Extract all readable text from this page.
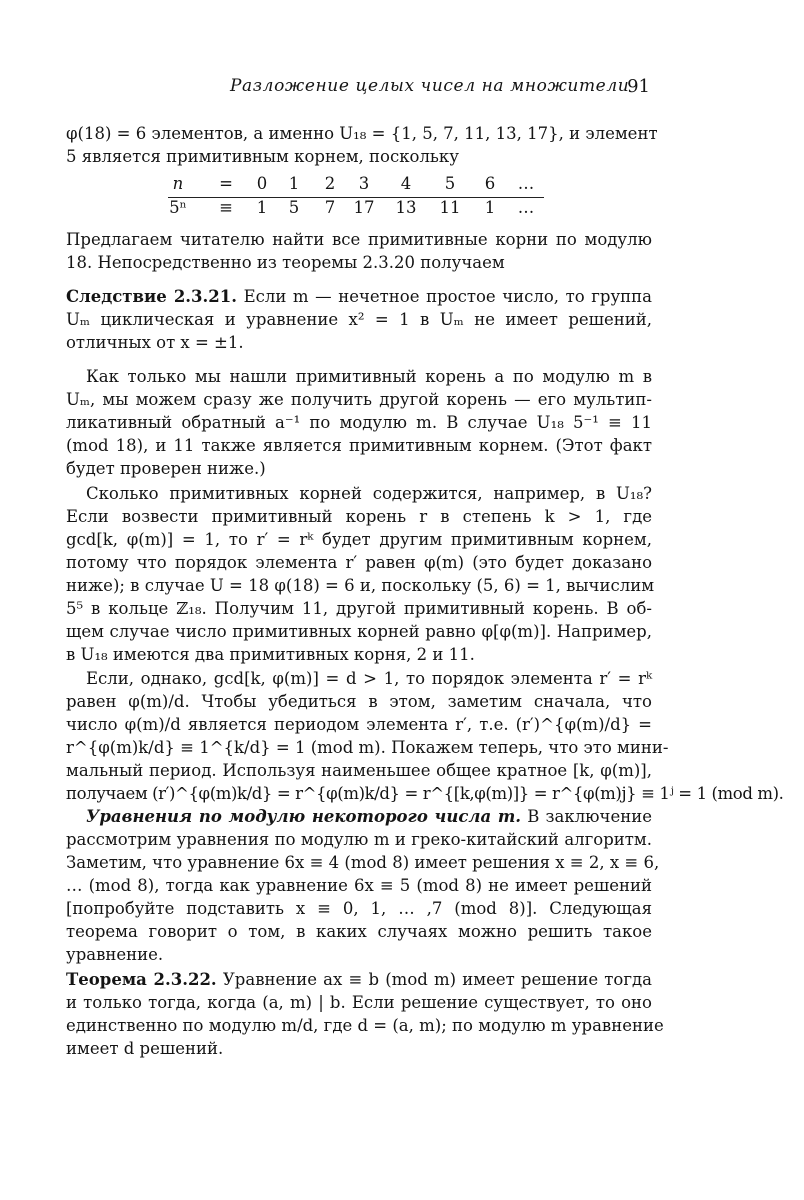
Разложение целых чисел на множители
91
φ(18) = 6 элементов, а именно U₁₈ = {1, 5, 7, 11, 13, 17}, и элемент
5 является примитивным корнем, поскольку
n	=	0	1	2	3	4	5	6	…
5ⁿ	≡	1	5	7	17	13	11	1	…
Предлагаем читателю найти все примитивные корни по модулю
18. Непосредственно из теоремы 2.3.20 получаем
Следствие 2.3.21. Если m — нечетное простое число, то группа
Uₘ циклическая и уравнение x² = 1 в Uₘ не имеет решений,
отличных от x = ±1.
Как только мы нашли примитивный корень a по модулю m в
Uₘ, мы можем сразу же получить другой корень — его мультип-
ликативный обратный a⁻¹ по модулю m. В случае U₁₈ 5⁻¹ ≡ 11
(mod 18), и 11 также является примитивным корнем. (Этот факт
будет проверен ниже.)
Сколько примитивных корней содержится, например, в U₁₈?
Если возвести примитивный корень r в степень k > 1, где
gcd[k, φ(m)] = 1, то r′ = rᵏ будет другим примитивным корнем,
потому что порядок элемента r′ равен φ(m) (это будет доказано
ниже); в случае U = 18 φ(18) = 6 и, поскольку (5, 6) = 1, вычислим
5⁵ в кольце ℤ₁₈. Получим 11, другой примитивный корень. В об-
щем случае число примитивных корней равно φ[φ(m)]. Например,
в U₁₈ имеются два примитивных корня, 2 и 11.
Если, однако, gcd[k, φ(m)] = d > 1, то порядок элемента r′ = rᵏ
равен φ(m)/d. Чтобы убедиться в этом, заметим сначала, что
число φ(m)/d является периодом элемента r′, т.е. (r′)^{φ(m)/d} =
r^{φ(m)k/d} ≡ 1^{k/d} = 1 (mod m). Покажем теперь, что это мини-
мальный период. Используя наименьшее общее кратное [k, φ(m)],
получаем (r′)^{φ(m)k/d} = r^{φ(m)k/d} = r^{[k,φ(m)]} = r^{φ(m)j} ≡ 1ʲ = 1 (mod m).
Уравнения по модулю некоторого числа m. В заключение
рассмотрим уравнения по модулю m и греко-китайский алгоритм.
Заметим, что уравнение 6x ≡ 4 (mod 8) имеет решения x ≡ 2, x ≡ 6,
… (mod 8), тогда как уравнение 6x ≡ 5 (mod 8) не имеет решений
[попробуйте подставить x ≡ 0, 1, … ,7 (mod 8)]. Следующая
теорема говорит о том, в каких случаях можно решить такое
уравнение.
Теорема 2.3.22. Уравнение ax ≡ b (mod m) имеет решение тогда
и только тогда, когда (a, m) | b. Если решение существует, то оно
единственно по модулю m/d, где d = (a, m); по модулю m уравнение
имеет d решений.
